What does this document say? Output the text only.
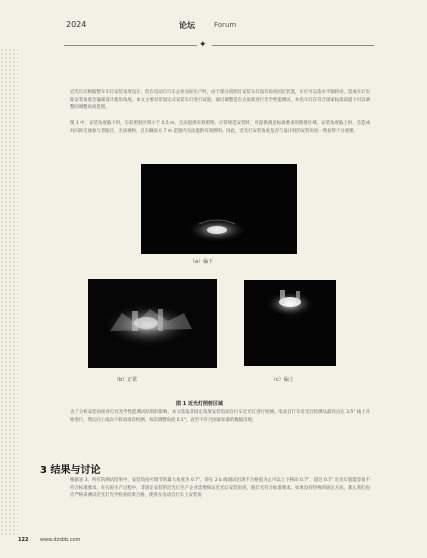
2024	论坛	Forum
✦

近光灯应根据整车车灯安装角度设计，但在电动自行车企业实际生产时，由于部分前照灯安装车灯没有角度固定装置，车灯可以依水平轴转动，造成车灯实际安装角度会偏离设计使用角度。本文主要对非固定式安装车灯进行试验，通过调整是否点角度进行光学性能测试，并出车灯在符合国家标准前提下可以调整的调整角度范围。

图 1 中，安装角度偏下时，车前照射区域小于 0.5 m，无法提供有效照明。正常规范安装时，可提供满足标准要求的照射区域。安装角度偏上时，会造成对向的交通参与者眩目，无法视物，且车辆前方 7 m 范围内无法提供有效照明。因此，近光灯安装角度是否与设计时的安装角度一致显得十分重要。

（a）偏下
（b）正常	（c）偏上
图 1 近光灯照射区域

为了分析安装角度对灯具光学性能测试结果的影响，本文选取非固定角度安装电动自行车近光灯进行检测。电动自行车近光灯检测从最亮点在 3.5° 线上开始进行，然后向上或向下转动再次检测，每次调整角度 0.1°，直至不符合国家标准的数据出现。

3 结果与讨论

根据表 3，所有的测试结果中，安装角度可调节的最大角度为 0.7°，即在 2 b 线调试出现不合格值为止可以上下移动 0.7°，超过 0.7° 近光灯就能容易不符合标准要求。在实际生产过程中，非固定安装的近光灯生产企业需要保证近光灯安装角度，使灯光符合标准要求。如果没有特殊的固定方法，那么我们也应严格来测试近光灯光学检查结果合格，使得在电动自行车上安装角

122 www.dzsbb.com
